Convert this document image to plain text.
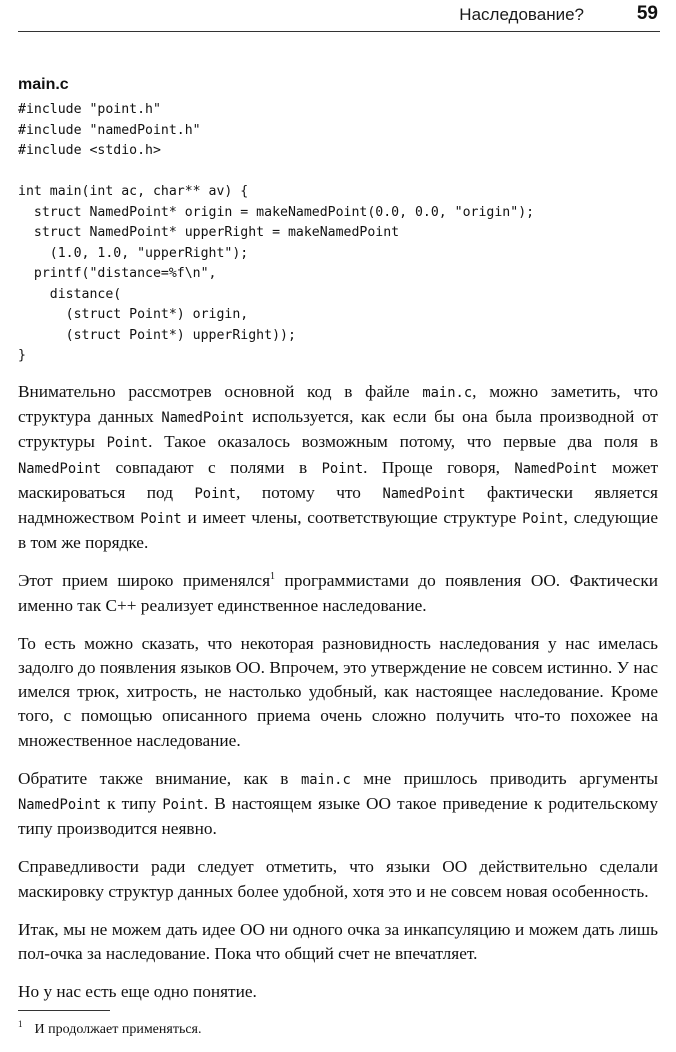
Наследование?	59
main.c
#include "point.h"
#include "namedPoint.h"
#include <stdio.h>

int main(int ac, char** av) {
struct NamedPoint* origin = makeNamedPoint(0.0, 0.0, "origin");
struct NamedPoint* upperRight = makeNamedPoint
(1.0, 1.0, "upperRight");
printf("distance=%f\n",
distance(
(struct Point*) origin,
(struct Point*) upperRight));
}

Внимательно рассмотрев основной код в файле main.c, можно заметить, что структура данных NamedPoint используется, как если бы она была производной от структуры Point. Такое оказалось возможным потому, что первые два поля в NamedPoint совпадают с полями в Point. Проще говоря, NamedPoint может маскироваться под Point, потому что NamedPoint фактически является надмножеством Point и имеет члены, соответствующие структуре Point, следующие в том же порядке.

Этот прием широко применялся$^1$ программистами до появления ОО. Фактически именно так C++ реализует единственное наследование.

То есть можно сказать, что некоторая разновидность наследования у нас имелась задолго до появления языков ОО. Впрочем, это утверждение не совсем истинно. У нас имелся трюк, хитрость, не настолько удобный, как настоящее наследование. Кроме того, с помощью описанного приема очень сложно получить что-то похожее на множественное наследование.

Обратите также внимание, как в main.c мне пришлось приводить аргументы NamedPoint к типу Point. В настоящем языке ОО такое приведение к родительскому типу производится неявно.

Справедливости ради следует отметить, что языки ОО действительно сделали маскировку структур данных более удобной, хотя это и не совсем новая особенность.

Итак, мы не можем дать идее ОО ни одного очка за инкапсуляцию и можем дать лишь пол-очка за наследование. Пока что общий счет не впечатляет.

Но у нас есть еще одно понятие.

$^1$ И продолжает применяться.
